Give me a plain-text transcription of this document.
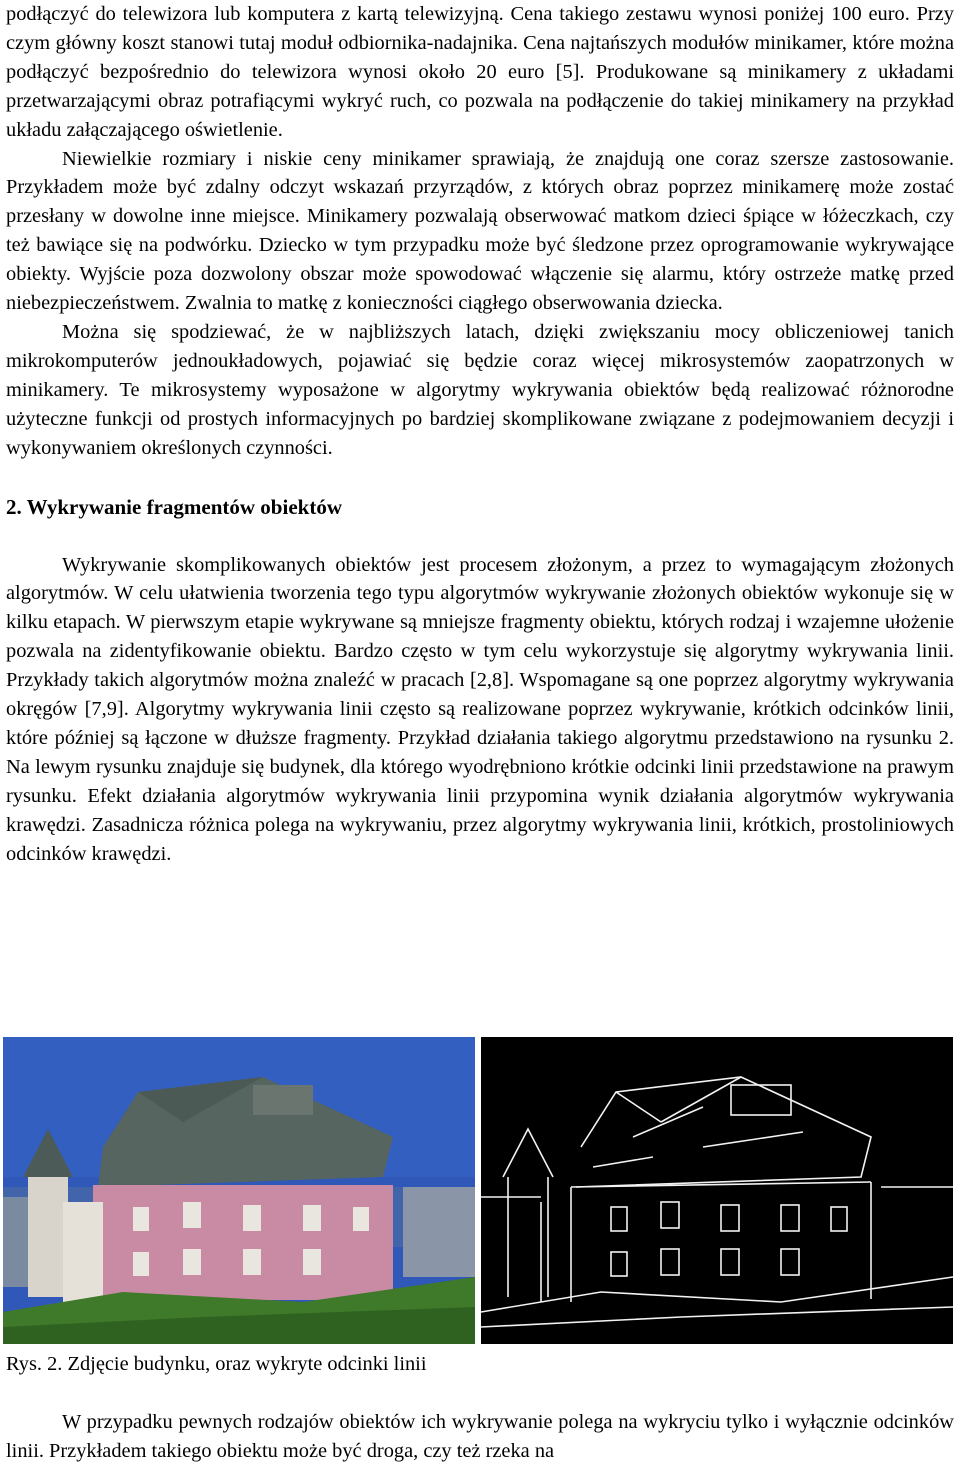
podłączyć do telewizora lub komputera z kartą telewizyjną. Cena takiego zestawu wynosi poniżej 100 euro. Przy czym główny koszt stanowi tutaj moduł odbiornika-nadajnika. Cena najtańszych modułów minikamer, które można podłączyć bezpośrednio do telewizora wynosi około 20 euro [5]. Produkowane są minikamery z układami przetwarzającymi obraz potrafiącymi wykryć ruch, co pozwala na podłączenie do takiej minikamery na przykład układu załączającego oświetlenie.

Niewielkie rozmiary i niskie ceny minikamer sprawiają, że znajdują one coraz szersze zastosowanie. Przykładem może być zdalny odczyt wskazań przyrządów, z których obraz poprzez minikamerę może zostać przesłany w dowolne inne miejsce. Minikamery pozwalają obserwować matkom dzieci śpiące w łóżeczkach, czy też bawiące się na podwórku. Dziecko w tym przypadku może być śledzone przez oprogramowanie wykrywające obiekty. Wyjście poza dozwolony obszar może spowodować włączenie się alarmu, który ostrzeże matkę przed niebezpieczeństwem. Zwalnia to matkę z konieczności ciągłego obserwowania dziecka.

Można się spodziewać, że w najbliższych latach, dzięki zwiększaniu mocy obliczeniowej tanich mikrokomputerów jednoukładowych, pojawiać się będzie coraz więcej mikrosystemów zaopatrzonych w minikamery. Te mikrosystemy wyposażone w algorytmy wykrywania obiektów będą realizować różnorodne użyteczne funkcji od prostych informacyjnych po bardziej skomplikowane związane z podejmowaniem decyzji i wykonywaniem określonych czynności.

2. Wykrywanie fragmentów obiektów

Wykrywanie skomplikowanych obiektów jest procesem złożonym, a przez to wymagającym złożonych algorytmów. W celu ułatwienia tworzenia tego typu algorytmów wykrywanie złożonych obiektów wykonuje się w kilku etapach. W pierwszym etapie wykrywane są mniejsze fragmenty obiektu, których rodzaj i wzajemne ułożenie pozwala na zidentyfikowanie obiektu. Bardzo często w tym celu wykorzystuje się algorytmy wykrywania linii. Przykłady takich algorytmów można znaleźć w pracach [2,8]. Wspomagane są one poprzez algorytmy wykrywania okręgów [7,9]. Algorytmy wykrywania linii często są realizowane poprzez wykrywanie, krótkich odcinków linii, które później są łączone w dłuższe fragmenty. Przykład działania takiego algorytmu przedstawiono na rysunku 2. Na lewym rysunku znajduje się budynek, dla którego wyodrębniono krótkie odcinki linii przedstawione na prawym rysunku. Efekt działania algorytmów wykrywania linii przypomina wynik działania algorytmów wykrywania krawędzi. Zasadnicza różnica polega na wykrywaniu, przez algorytmy wykrywania linii, krótkich, prostoliniowych odcinków krawędzi.

Rys. 2. Zdjęcie budynku, oraz wykryte odcinki linii

W przypadku pewnych rodzajów obiektów ich wykrywanie polega na wykryciu tylko i wyłącznie odcinków linii. Przykładem takiego obiektu może być droga, czy też rzeka na
